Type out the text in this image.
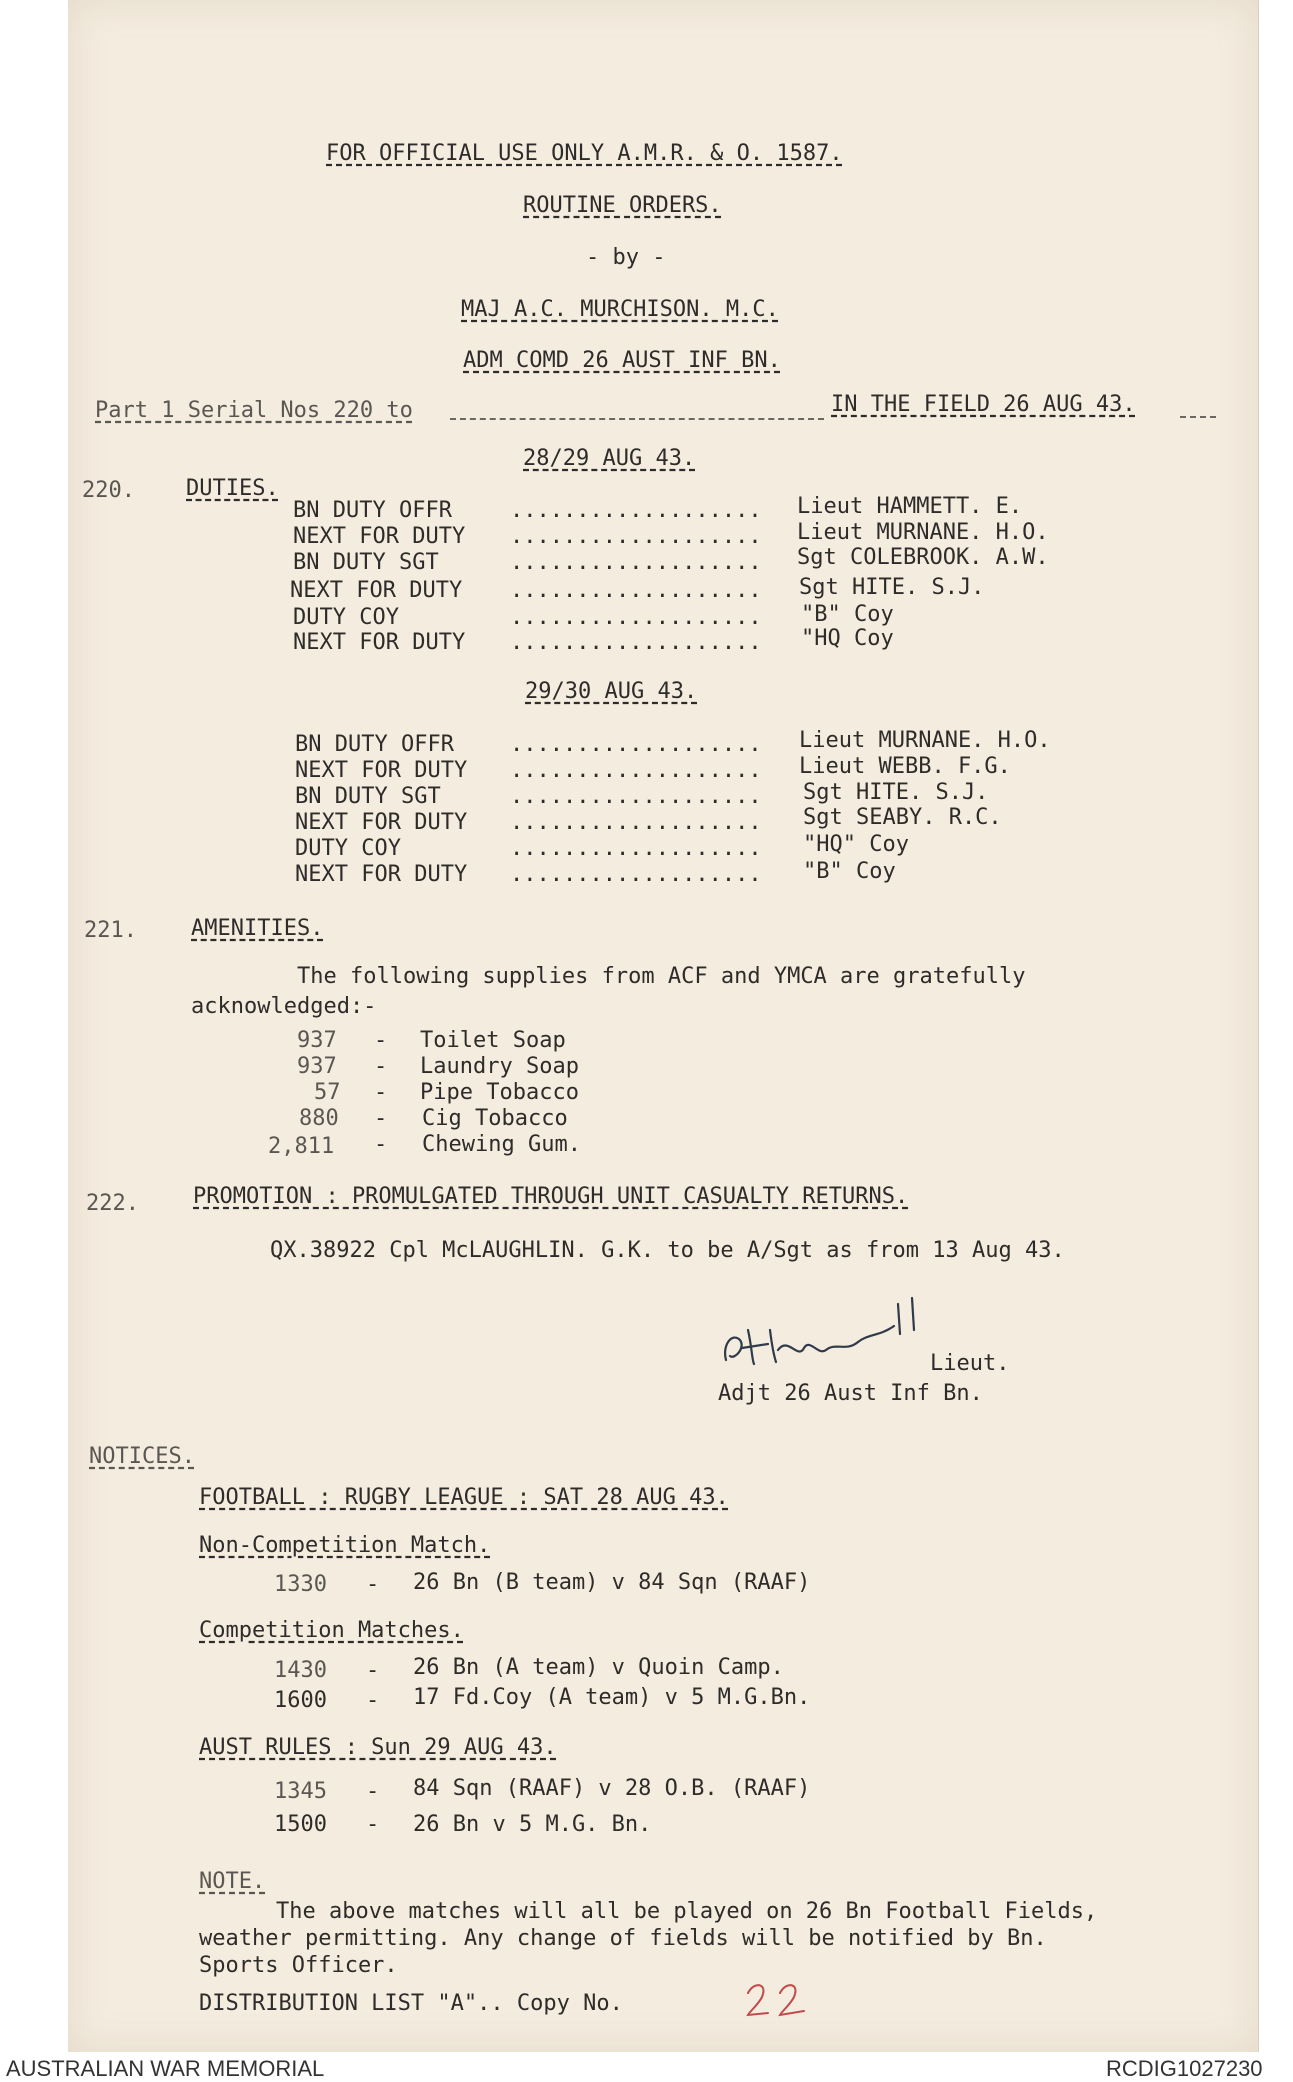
FOR OFFICIAL USE ONLY A.M.R. & O. 1587.
ROUTINE ORDERS.
- by -
MAJ A.C. MURCHISON. M.C.
ADM COMD 26 AUST INF BN.
Part 1 Serial Nos 220 to	IN THE FIELD 26 AUG 43.
220. DUTIES.
28/29 AUG 43.
BN DUTY OFFR	................... Lieut HAMMETT. E.
NEXT FOR DUTY ................... Lieut MURNANE. H.O.
BN DUTY SGT	................... Sgt COLEBROOK. A.W.
NEXT FOR DUTY ................... Sgt HITE. S.J.
DUTY COY	................... "B" Coy
NEXT FOR DUTY ................... "HQ Coy
29/30 AUG 43.
BN DUTY OFFR	................... Lieut MURNANE. H.O.
NEXT FOR DUTY ................... Lieut WEBB. F.G.
BN DUTY SGT	................... Sgt HITE. S.J.
NEXT FOR DUTY ................... Sgt SEABY. R.C.
DUTY COY	................... "HQ" Coy
NEXT FOR DUTY ................... "B" Coy
221. AMENITIES.
The following supplies from ACF and YMCA are gratefully
acknowledged:-
937 - Toilet Soap
937 - Laundry Soap
57 - Pipe Tobacco
880 - Cig Tobacco
2,811 - Chewing Gum.
222. PROMOTION : PROMULGATED THROUGH UNIT CASUALTY RETURNS.
QX.38922 Cpl McLAUGHLIN. G.K. to be A/Sgt as from 13 Aug 43.
Lieut.
Adjt 26 Aust Inf Bn.
NOTICES.
FOOTBALL : RUGBY LEAGUE : SAT 28 AUG 43.
Non-Competition Match.
1330 - 26 Bn (B team) v 84 Sqn (RAAF)
Competition Matches.
1430 - 26 Bn (A team) v Quoin Camp.
1600 - 17 Fd.Coy (A team) v 5 M.G.Bn.
AUST RULES : Sun 29 AUG 43.
1345 - 84 Sqn (RAAF) v 28 O.B. (RAAF)
1500 - 26 Bn v 5 M.G. Bn.
NOTE.
The above matches will all be played on 26 Bn Football Fields,
weather permitting. Any change of fields will be notified by Bn.
Sports Officer.
DISTRIBUTION LIST "A".. Copy No.
AUSTRALIAN WAR MEMORIAL	RCDIG1027230
